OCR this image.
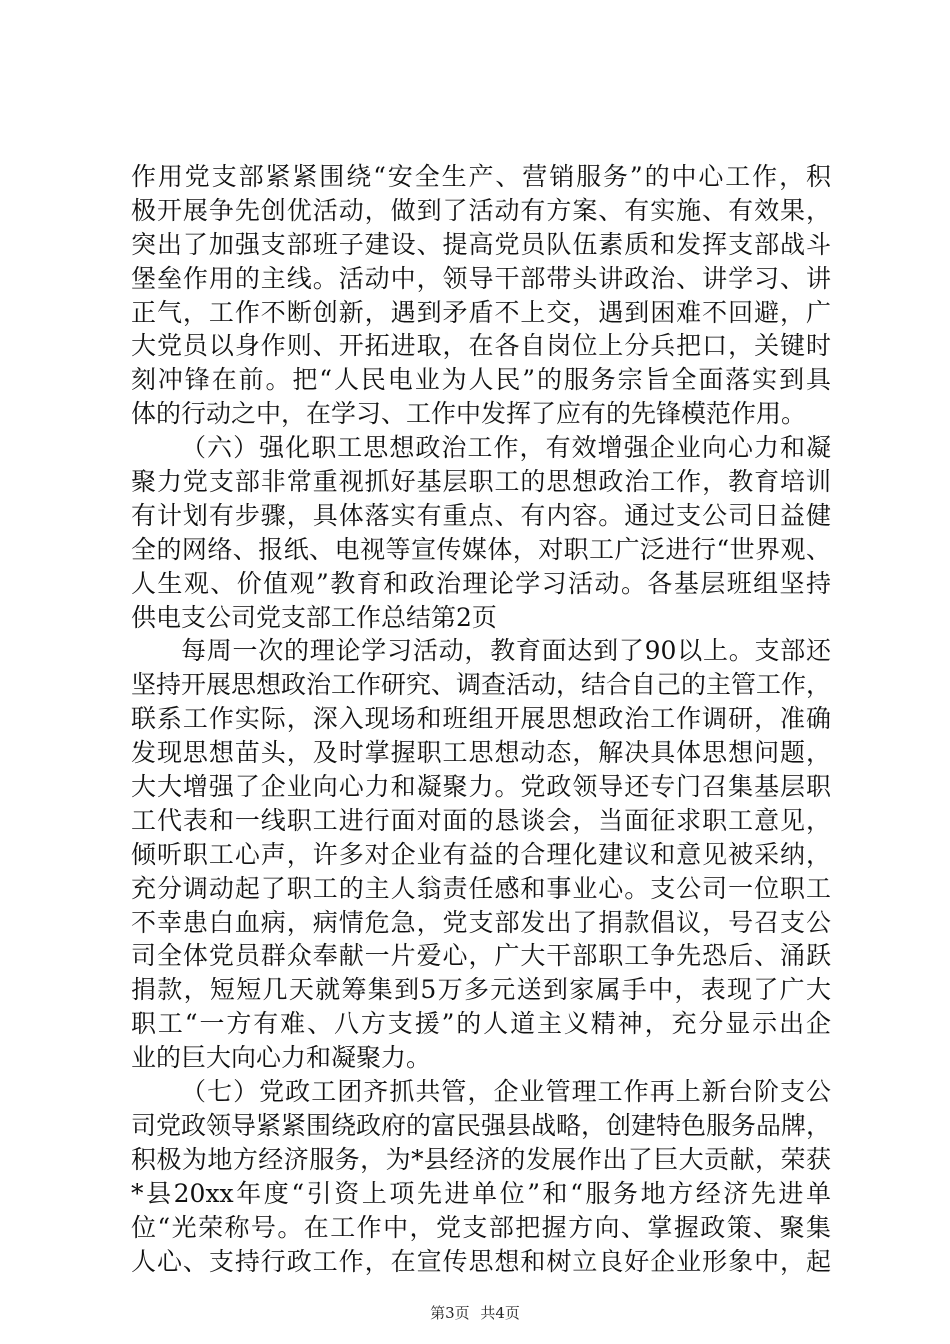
作用党支部紧紧围绕“安全生产、营销服务”的中心工作，积
极开展争先创优活动，做到了活动有方案、有实施、有效果，
突出了加强支部班子建设、提高党员队伍素质和发挥支部战斗
堡垒作用的主线。活动中，领导干部带头讲政治、讲学习、讲
正气，工作不断创新，遇到矛盾不上交，遇到困难不回避，广
大党员以身作则、开拓进取，在各自岗位上分兵把口，关键时
刻冲锋在前。把“人民电业为人民”的服务宗旨全面落实到具
体的行动之中，在学习、工作中发挥了应有的先锋模范作用。
（六）强化职工思想政治工作，有效增强企业向心力和凝
聚力党支部非常重视抓好基层职工的思想政治工作，教育培训
有计划有步骤，具体落实有重点、有内容。通过支公司日益健
全的网络、报纸、电视等宣传媒体，对职工广泛进行“世界观、
人生观、价值观”教育和政治理论学习活动。各基层班组坚持
供电支公司党支部工作总结第2页
每周一次的理论学习活动，教育面达到了90以上。支部还
坚持开展思想政治工作研究、调查活动，结合自己的主管工作，
联系工作实际，深入现场和班组开展思想政治工作调研，准确
发现思想苗头，及时掌握职工思想动态，解决具体思想问题，
大大增强了企业向心力和凝聚力。党政领导还专门召集基层职
工代表和一线职工进行面对面的恳谈会，当面征求职工意见，
倾听职工心声，许多对企业有益的合理化建议和意见被采纳，
充分调动起了职工的主人翁责任感和事业心。支公司一位职工
不幸患白血病，病情危急，党支部发出了捐款倡议，号召支公
司全体党员群众奉献一片爱心，广大干部职工争先恐后、涌跃
捐款，短短几天就筹集到5万多元送到家属手中，表现了广大
职工“一方有难、八方支援”的人道主义精神，充分显示出企
业的巨大向心力和凝聚力。
（七）党政工团齐抓共管，企业管理工作再上新台阶支公
司党政领导紧紧围绕政府的富民强县战略，创建特色服务品牌，
积极为地方经济服务，为*县经济的发展作出了巨大贡献，荣获
*县20xx年度“引资上项先进单位”和“服务地方经济先进单
位“光荣称号。在工作中，党支部把握方向、掌握政策、聚集
人心、支持行政工作，在宣传思想和树立良好企业形象中，起
第3页 共4页
